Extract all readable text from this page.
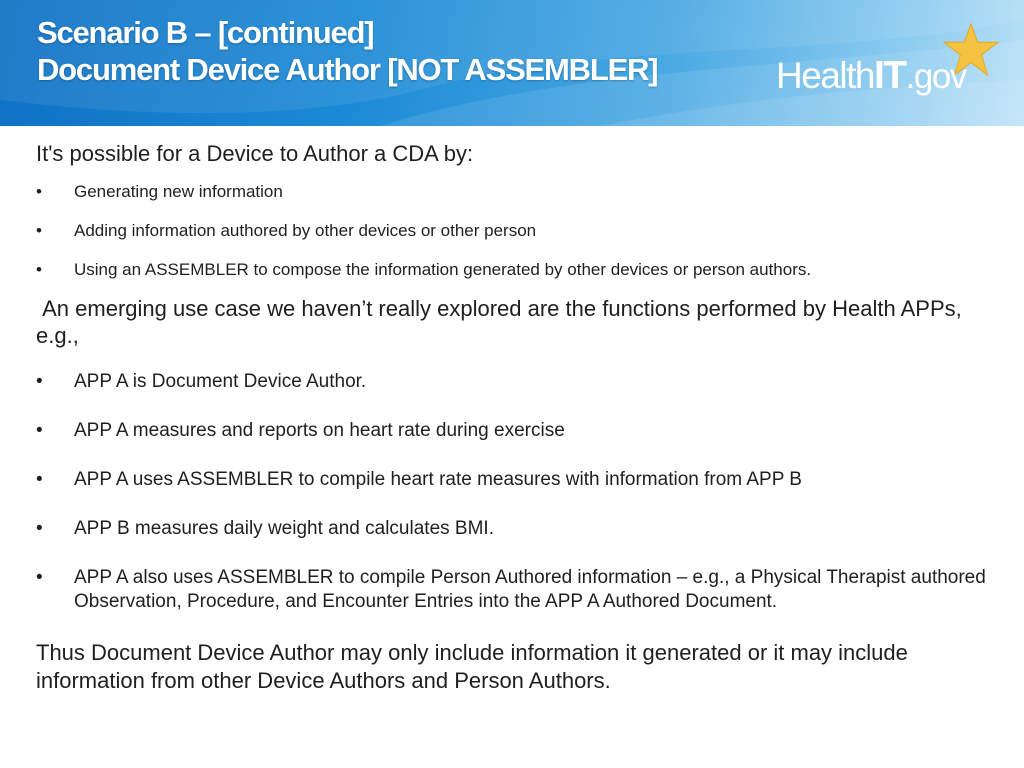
Scenario B – [continued]
Document Device Author [NOT ASSEMBLER]	HealthIT.gov

It's possible for a Device to Author a CDA by:

• Generating new information
• Adding information authored by other devices or other person
• Using an ASSEMBLER to compose the information generated by other devices or person authors.

An emerging use case we haven’t really explored are the functions performed by Health APPs, e.g.,

• APP A is Document Device Author.
• APP A measures and reports on heart rate during exercise
• APP A uses ASSEMBLER to compile heart rate measures with information from APP B
• APP B measures daily weight and calculates BMI.
• APP A also uses ASSEMBLER to compile Person Authored information – e.g., a Physical Therapist authored Observation, Procedure, and Encounter Entries into the APP A Authored Document.

Thus Document Device Author may only include information it generated or it may include information from other Device Authors and Person Authors.
